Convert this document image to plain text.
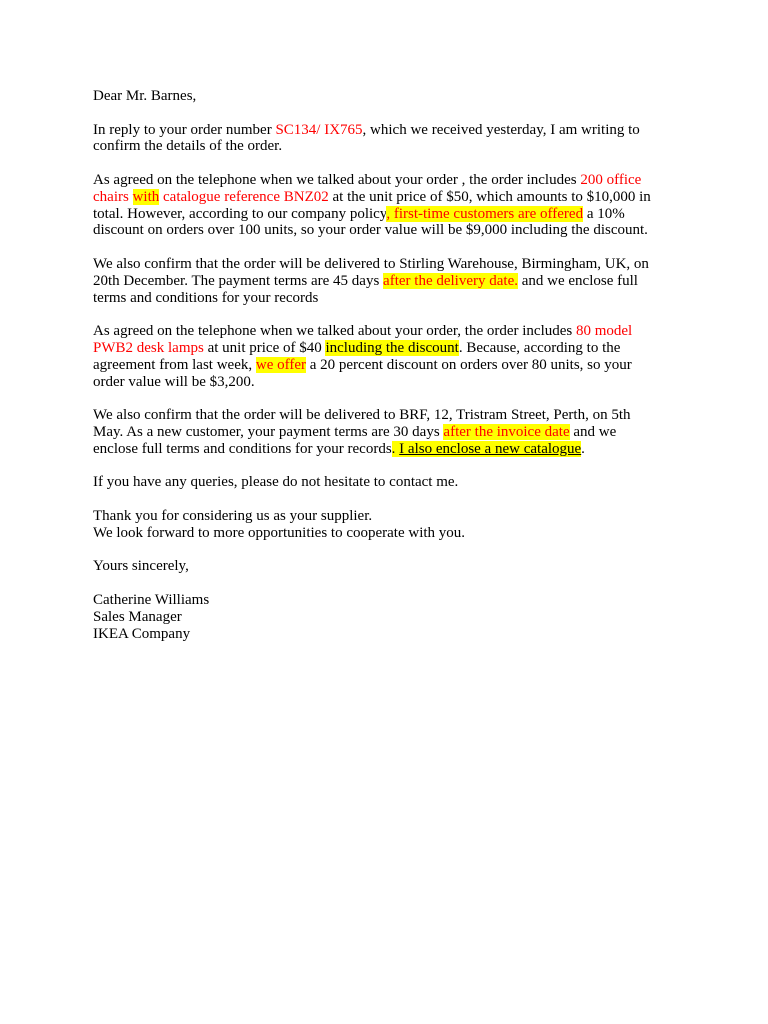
Dear Mr. Barnes,
In reply to your order number SC134/ IX765, which we received yesterday, I am writing to
confirm the details of the order.
As agreed on the telephone when we talked about your order , the order includes 200 office
chairs with catalogue reference BNZ02 at the unit price of $50, which amounts to $10,000 in
total. However, according to our company policy, first-time customers are offered a 10%
discount on orders over 100 units, so your order value will be $9,000 including the discount.
We also confirm that the order will be delivered to Stirling Warehouse, Birmingham, UK, on
20th December. The payment terms are 45 days after the delivery date. and we enclose full
terms and conditions for your records
As agreed on the telephone when we talked about your order, the order includes 80 model
PWB2 desk lamps at unit price of $40 including the discount. Because, according to the
agreement from last week, we offer a 20 percent discount on orders over 80 units, so your
order value will be $3,200.
We also confirm that the order will be delivered to BRF, 12, Tristram Street, Perth, on 5th
May. As a new customer, your payment terms are 30 days after the invoice date and we
enclose full terms and conditions for your records. I also enclose a new catalogue.
If you have any queries, please do not hesitate to contact me.
Thank you for considering us as your supplier.
We look forward to more opportunities to cooperate with you.
Yours sincerely,
Catherine Williams
Sales Manager
IKEA Company
